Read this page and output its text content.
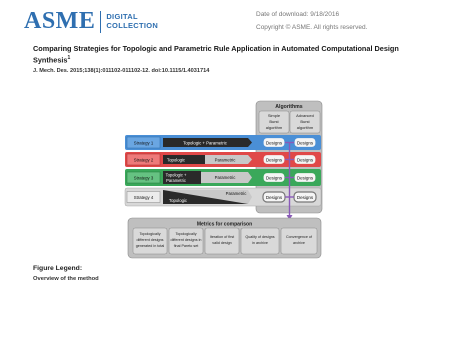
ASME DIGITAL
COLLECTION
Date of download: 9/18/2016
Copyright © ASME. All rights reserved.
Comparing Strategies for Topologic and Parametric Rule Application in Automated Computational Design Synthesis$^1$
J. Mech. Des. 2015;138(1):011102-011102-12. doi:10.1115/1.4031714
Algorithms
Simple
Burst
algorithm
Advanced
Burst
algorithm
Strategy 1	Topologic + Parametric
Strategy 2	Topologic	Parametric
Strategy 3
Topologic +
Parametric
Parametric
Strategy 4
Topologic
Parametric
Designs	Designs
Designs	Designs
Designs	Designs
Designs	Designs
Metrics for comparison
Topologically
different designs
generated in total
Topologically
different designs in
final Pareto set
Iteration of first
valid design
Quality of designs
in archive
Convergence of
archive
Figure Legend:
Overview of the method
